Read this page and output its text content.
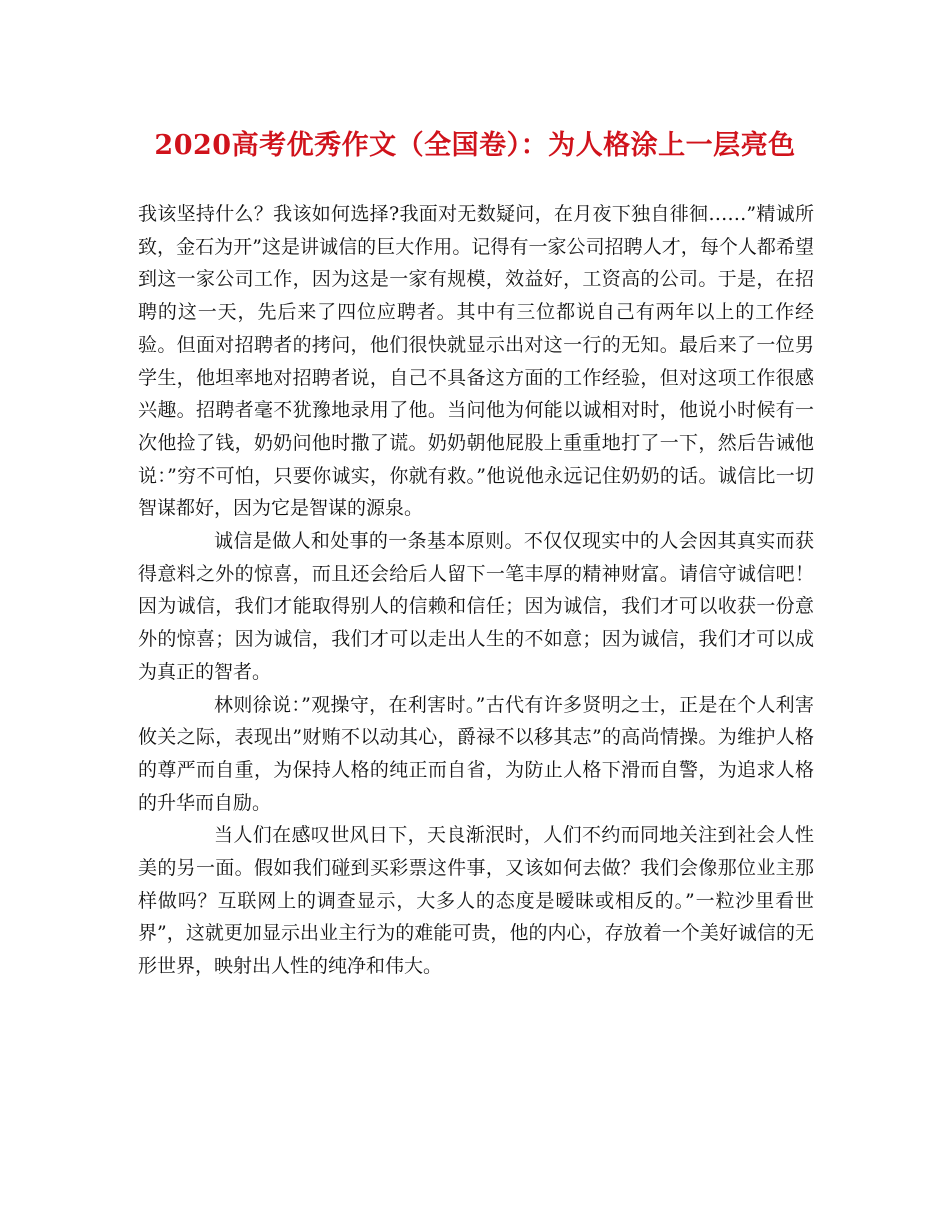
2020高考优秀作文（全国卷）：为人格涂上一层亮色

我该坚持什么？我该如何选择?我面对无数疑问，在月夜下独自徘徊……”精诚所致，金石为开”这是讲诚信的巨大作用。记得有一家公司招聘人才，每个人都希望到这一家公司工作，因为这是一家有规模，效益好，工资高的公司。于是，在招聘的这一天，先后来了四位应聘者。其中有三位都说自己有两年以上的工作经验。但面对招聘者的拷问，他们很快就显示出对这一行的无知。最后来了一位男学生，他坦率地对招聘者说，自己不具备这方面的工作经验，但对这项工作很感兴趣。招聘者毫不犹豫地录用了他。当问他为何能以诚相对时，他说小时候有一次他捡了钱，奶奶问他时撒了谎。奶奶朝他屁股上重重地打了一下，然后告诫他说：”穷不可怕，只要你诚实，你就有救。”他说他永远记住奶奶的话。诚信比一切智谋都好，因为它是智谋的源泉。

诚信是做人和处事的一条基本原则。不仅仅现实中的人会因其真实而获得意料之外的惊喜，而且还会给后人留下一笔丰厚的精神财富。请信守诚信吧！因为诚信，我们才能取得别人的信赖和信任；因为诚信，我们才可以收获一份意外的惊喜；因为诚信，我们才可以走出人生的不如意；因为诚信，我们才可以成为真正的智者。

林则徐说：”观操守，在利害时。”古代有许多贤明之士，正是在个人利害攸关之际，表现出”财贿不以动其心，爵禄不以移其志”的高尚情操。为维护人格的尊严而自重，为保持人格的纯正而自省，为防止人格下滑而自警，为追求人格的升华而自励。

当人们在感叹世风日下，天良渐泯时，人们不约而同地关注到社会人性美的另一面。假如我们碰到买彩票这件事，又该如何去做？我们会像那位业主那样做吗？互联网上的调查显示，大多人的态度是暧昧或相反的。”一粒沙里看世界”，这就更加显示出业主行为的难能可贵，他的内心，存放着一个美好诚信的无形世界，映射出人性的纯净和伟大。
